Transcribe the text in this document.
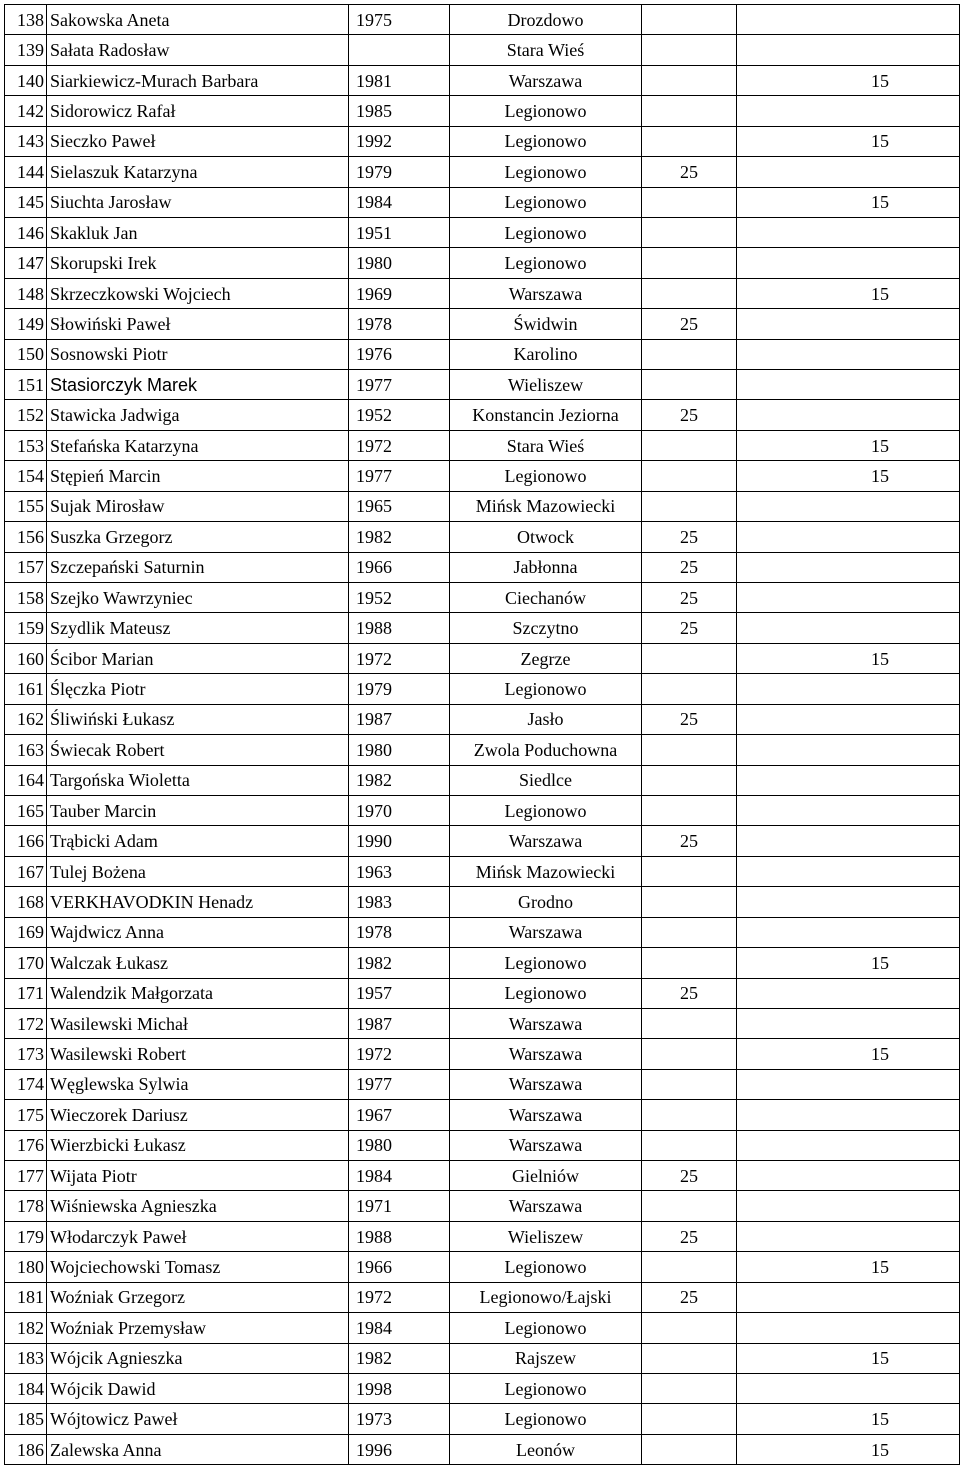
138	Sakowska Aneta	1975	Drozdowo		
139	Sałata Radosław		Stara Wieś		
140	Siarkiewicz-Murach Barbara	1981	Warszawa		15
142	Sidorowicz Rafał	1985	Legionowo		
143	Sieczko Paweł	1992	Legionowo		15
144	Sielaszuk Katarzyna	1979	Legionowo	25	
145	Siuchta Jarosław	1984	Legionowo		15
146	Skakluk Jan	1951	Legionowo		
147	Skorupski Irek	1980	Legionowo		
148	Skrzeczkowski Wojciech	1969	Warszawa		15
149	Słowiński Paweł	1978	Świdwin	25	
150	Sosnowski Piotr	1976	Karolino		
151	Stasiorczyk Marek	1977	Wieliszew		
152	Stawicka Jadwiga	1952	Konstancin Jeziorna	25	
153	Stefańska Katarzyna	1972	Stara Wieś		15
154	Stępień Marcin	1977	Legionowo		15
155	Sujak Mirosław	1965	Mińsk Mazowiecki		
156	Suszka Grzegorz	1982	Otwock	25	
157	Szczepański Saturnin	1966	Jabłonna	25	
158	Szejko Wawrzyniec	1952	Ciechanów	25	
159	Szydlik Mateusz	1988	Szczytno	25	
160	Ścibor Marian	1972	Zegrze		15
161	Ślęczka Piotr	1979	Legionowo		
162	Śliwiński Łukasz	1987	Jasło	25	
163	Świecak Robert	1980	Zwola Poduchowna		
164	Targońska Wioletta	1982	Siedlce		
165	Tauber Marcin	1970	Legionowo		
166	Trąbicki Adam	1990	Warszawa	25	
167	Tulej Bożena	1963	Mińsk Mazowiecki		
168	VERKHAVODKIN Henadz	1983	Grodno		
169	Wajdwicz Anna	1978	Warszawa		
170	Walczak Łukasz	1982	Legionowo		15
171	Walendzik Małgorzata	1957	Legionowo	25	
172	Wasilewski Michał	1987	Warszawa		
173	Wasilewski Robert	1972	Warszawa		15
174	Węglewska Sylwia	1977	Warszawa		
175	Wieczorek Dariusz	1967	Warszawa		
176	Wierzbicki Łukasz	1980	Warszawa		
177	Wijata Piotr	1984	Gielniów	25	
178	Wiśniewska Agnieszka	1971	Warszawa		
179	Włodarczyk Paweł	1988	Wieliszew	25	
180	Wojciechowski Tomasz	1966	Legionowo		15
181	Woźniak Grzegorz	1972	Legionowo/Łajski	25	
182	Woźniak Przemysław	1984	Legionowo		
183	Wójcik Agnieszka	1982	Rajszew		15
184	Wójcik Dawid	1998	Legionowo		
185	Wójtowicz Paweł	1973	Legionowo		15
186	Zalewska Anna	1996	Leonów		15
